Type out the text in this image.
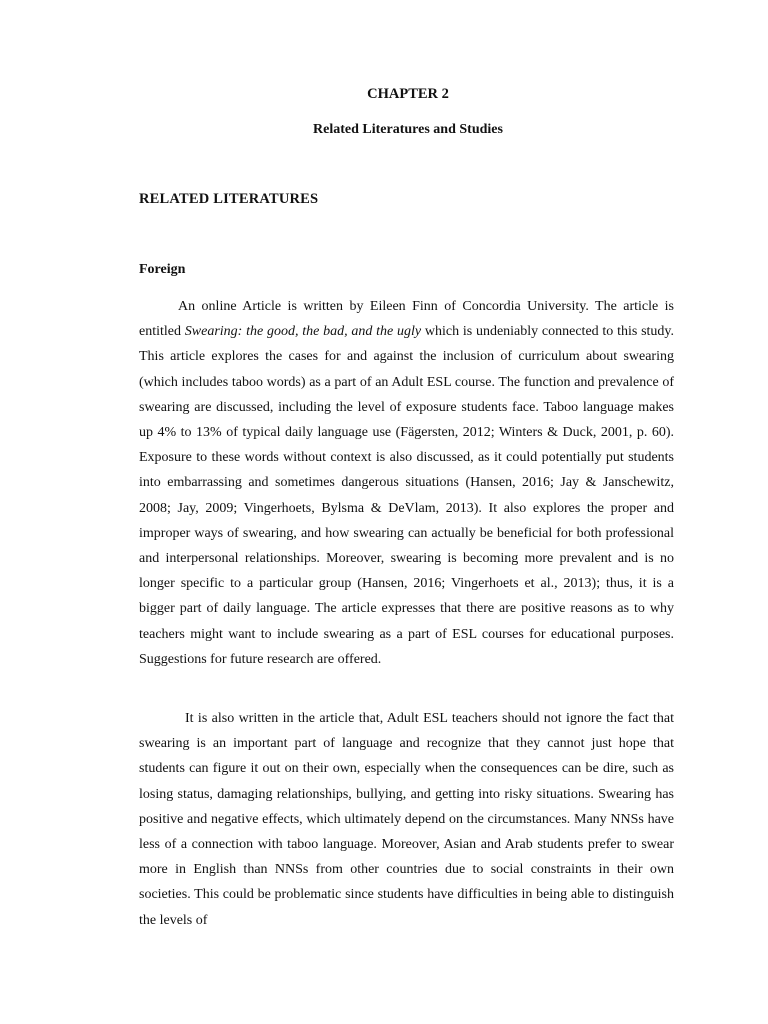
CHAPTER 2
Related Literatures and Studies
RELATED LITERATURES
Foreign

An online Article is written by Eileen Finn of Concordia University. The article is entitled Swearing: the good, the bad, and the ugly which is undeniably connected to this study. This article explores the cases for and against the inclusion of curriculum about swearing (which includes taboo words) as a part of an Adult ESL course. The function and prevalence of swearing are discussed, including the level of exposure students face. Taboo language makes up 4% to 13% of typical daily language use (Fägersten, 2012; Winters & Duck, 2001, p. 60). Exposure to these words without context is also discussed, as it could potentially put students into embarrassing and sometimes dangerous situations (Hansen, 2016; Jay & Janschewitz, 2008; Jay, 2009; Vingerhoets, Bylsma & DeVlam, 2013). It also explores the proper and improper ways of swearing, and how swearing can actually be beneficial for both professional and interpersonal relationships. Moreover, swearing is becoming more prevalent and is no longer specific to a particular group (Hansen, 2016; Vingerhoets et al., 2013); thus, it is a bigger part of daily language. The article expresses that there are positive reasons as to why teachers might want to include swearing as a part of ESL courses for educational purposes. Suggestions for future research are offered.

It is also written in the article that, Adult ESL teachers should not ignore the fact that swearing is an important part of language and recognize that they cannot just hope that students can figure it out on their own, especially when the consequences can be dire, such as losing status, damaging relationships, bullying, and getting into risky situations. Swearing has positive and negative effects, which ultimately depend on the circumstances. Many NNSs have less of a connection with taboo language. Moreover, Asian and Arab students prefer to swear more in English than NNSs from other countries due to social constraints in their own societies. This could be problematic since students have difficulties in being able to distinguish the levels of
